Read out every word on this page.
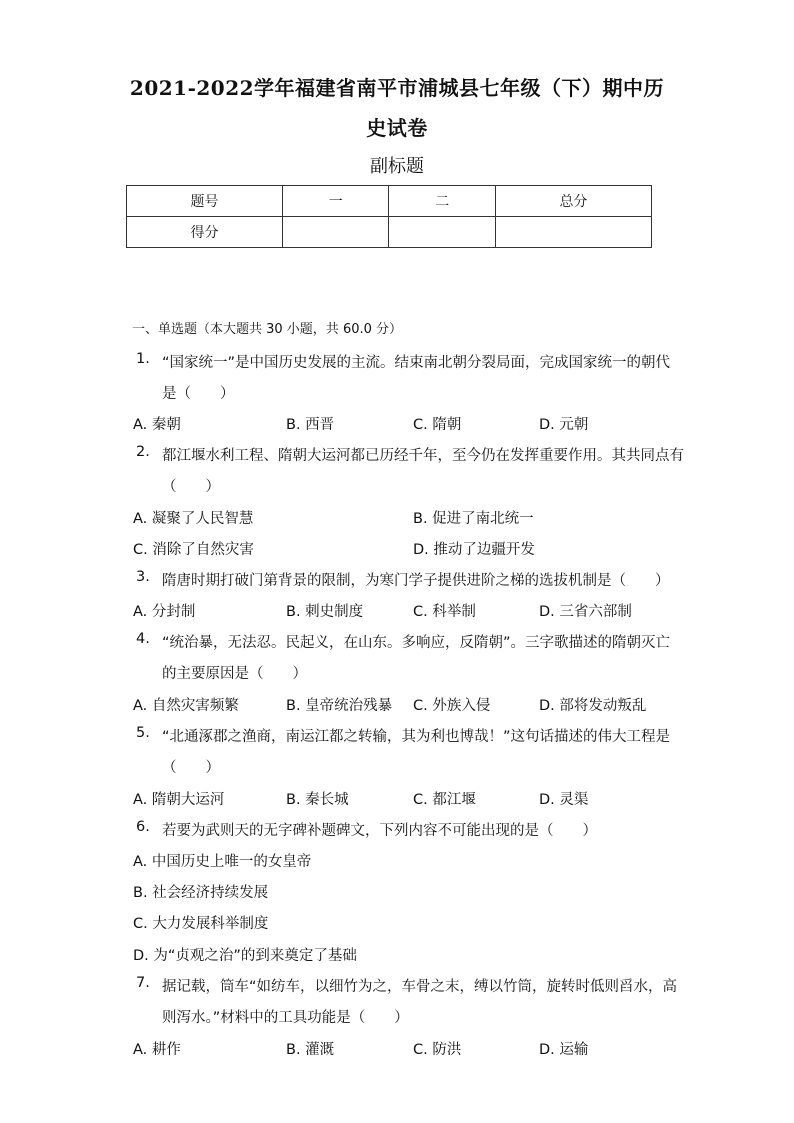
2021-2022学年福建省南平市浦城县七年级（下）期中历
史试卷
副标题
题号	一	二	总分
得分			
一、单选题（本大题共 30 小题，共 60.0 分）
1. “国家统一”是中国历史发展的主流。结束南北朝分裂局面，完成国家统一的朝代
是（　　）
A. 秦朝	B. 西晋	C. 隋朝	D. 元朝
2. 都江堰水利工程、隋朝大运河都已历经千年，至今仍在发挥重要作用。其共同点有
（　　）
A. 凝聚了人民智慧	B. 促进了南北统一
C. 消除了自然灾害	D. 推动了边疆开发
3. 隋唐时期打破门第背景的限制，为寒门学子提供进阶之梯的选拔机制是（　　）
A. 分封制	B. 刺史制度	C. 科举制	D. 三省六部制
4. “统治暴，无法忍。民起义，在山东。多响应，反隋朝”。三字歌描述的隋朝灭亡
的主要原因是（　　）
A. 自然灾害频繁	B. 皇帝统治残暴 C. 外族入侵	D. 部将发动叛乱
5. “北通涿郡之渔商，南运江都之转输，其为利也博哉！”这句话描述的伟大工程是
（　　）
A. 隋朝大运河	B. 秦长城	C. 都江堰	D. 灵渠
6. 若要为武则天的无字碑补题碑文，下列内容不可能出现的是（　　）
A. 中国历史上唯一的女皇帝
B. 社会经济持续发展
C. 大力发展科举制度
D. 为“贞观之治”的到来奠定了基础
7. 据记载，筒车“如纺车，以细竹为之，车骨之末，缚以竹筒，旋转时低则舀水，高
则泻水。”材料中的工具功能是（　　）
A. 耕作	B. 灌溉	C. 防洪	D. 运输
